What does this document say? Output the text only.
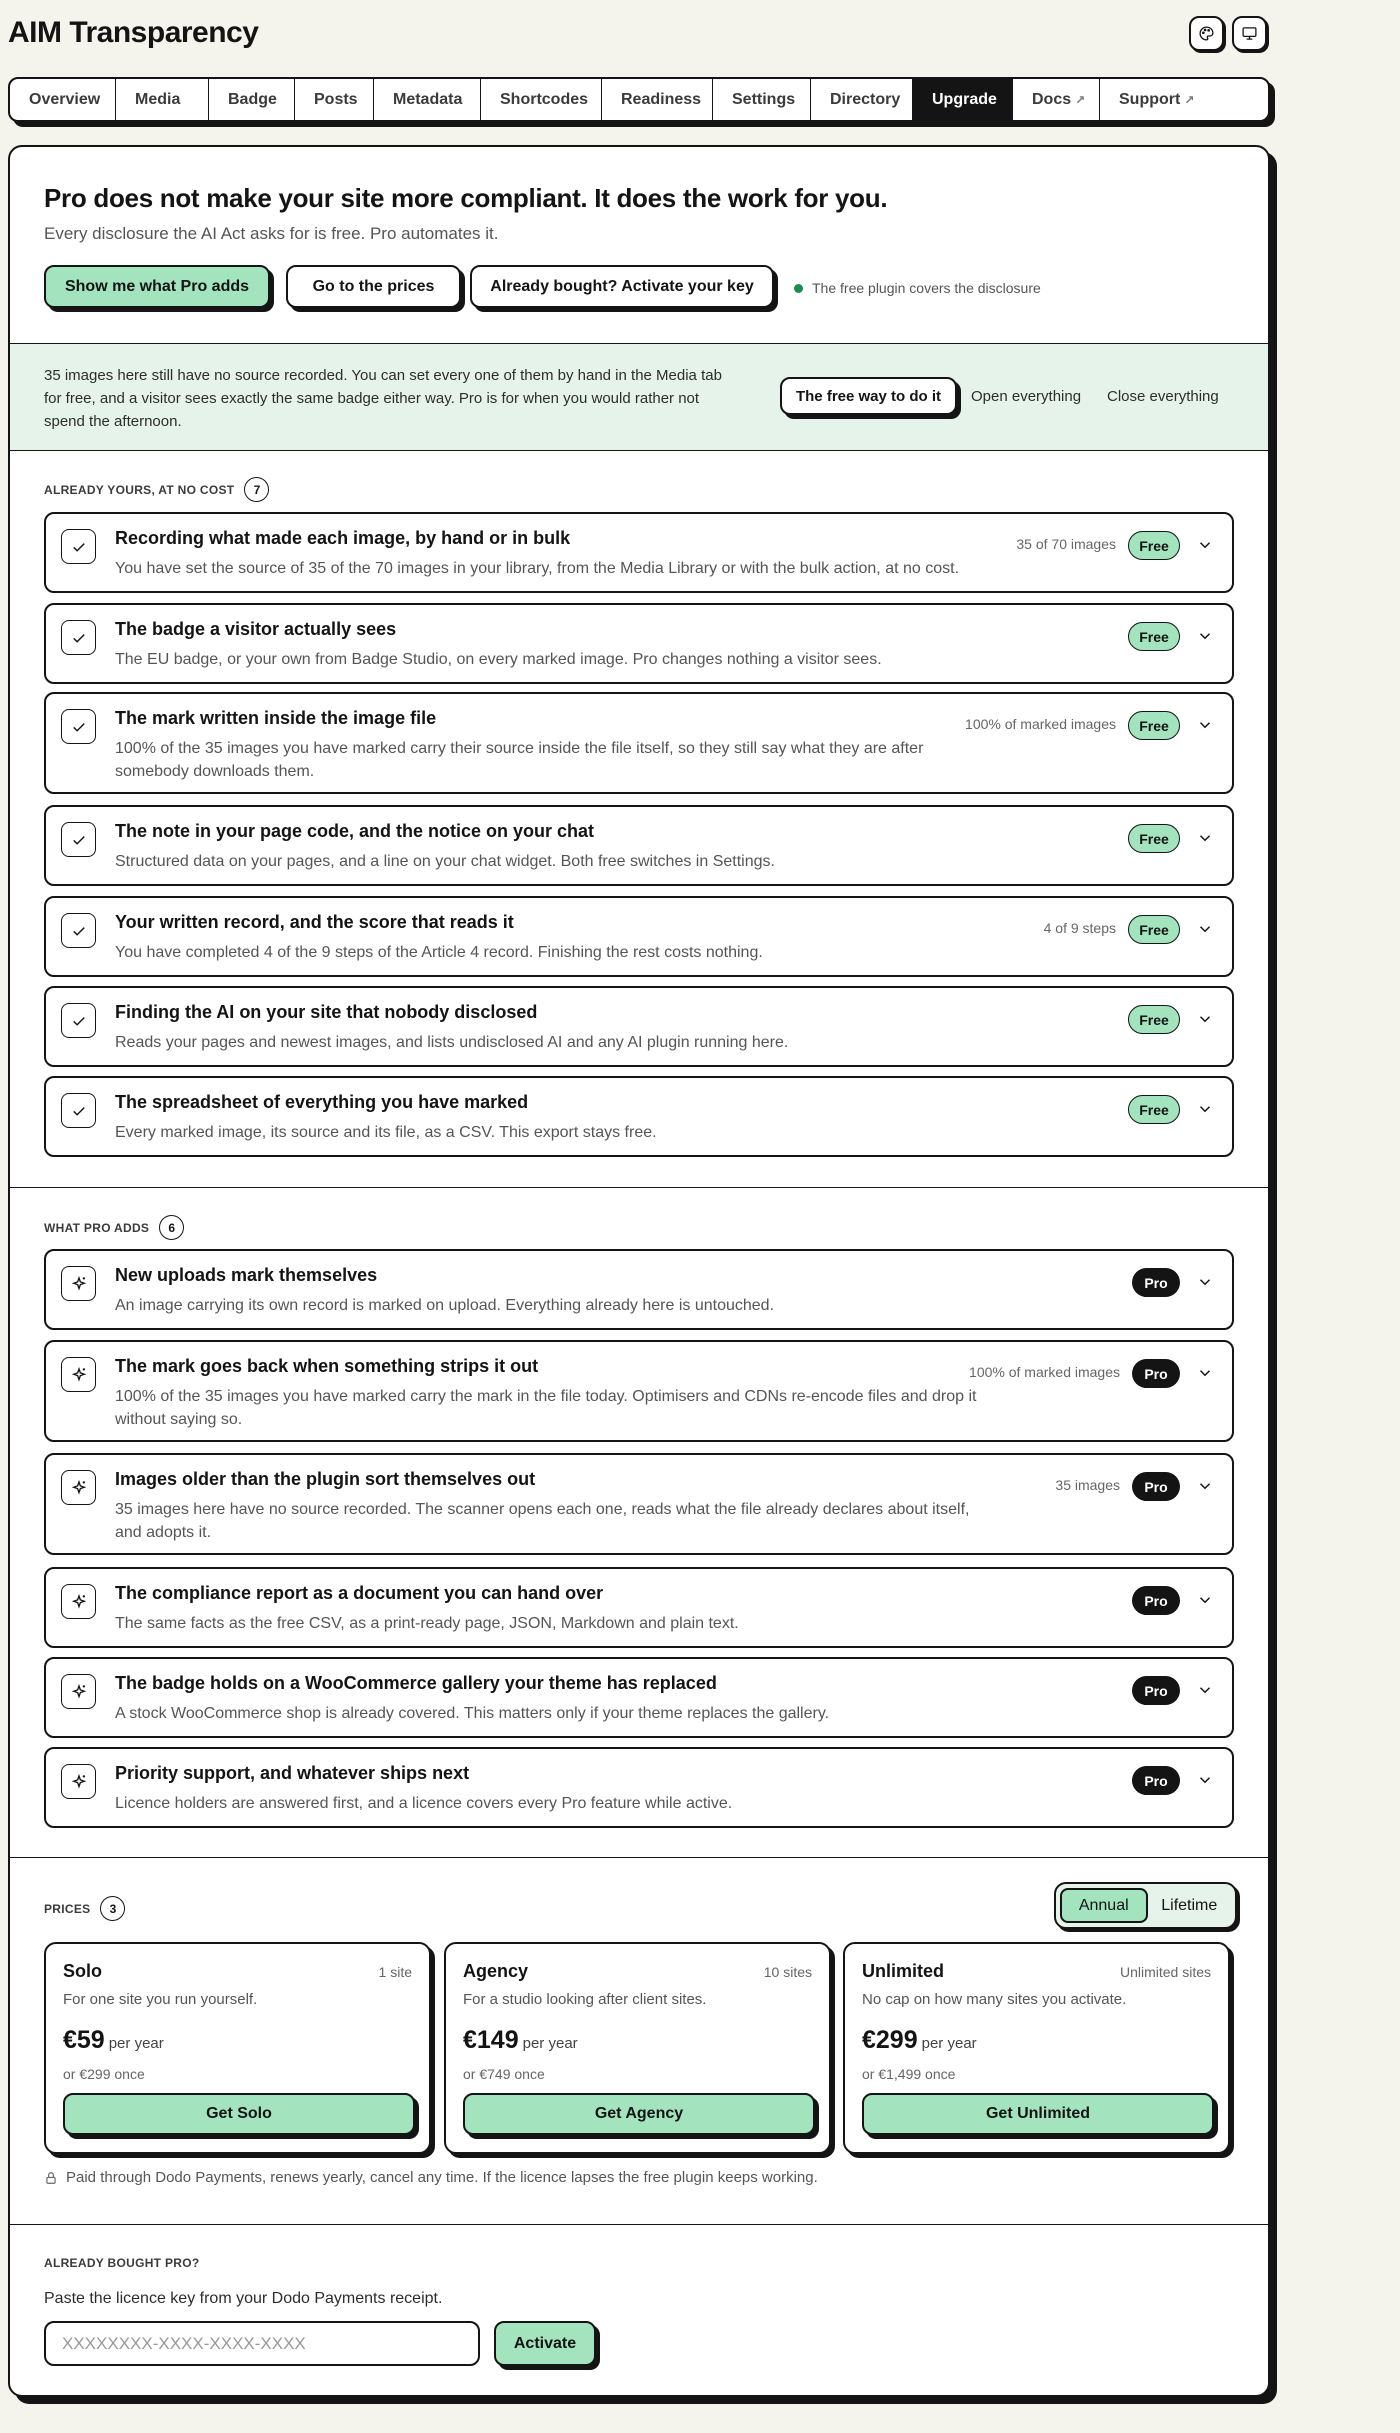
AIM Transparency
Overview Media	Badge Posts Metadata Shortcodes Readiness Settings Directory Upgrade Docs ↗ Support ↗
Pro does not make your site more compliant. It does the work for you.
Every disclosure the AI Act asks for is free. Pro automates it.
Show me what Pro adds	Go to the prices	Already bought? Activate your key	The free plugin covers the disclosure
35 images here still have no source recorded. You can set every one of them by hand in the Media tab for free, and a visitor sees exactly the same badge either way. Pro is for when you would rather not spend the afternoon.
The free way to do it	Open everything Close everything
ALREADY YOURS, AT NO COST	7
Recording what made each image, by hand or in bulk
You have set the source of 35 of the 70 images in your library, from the Media Library or with the bulk action, at no cost.
35 of 70 images	Free
The badge a visitor actually sees
The EU badge, or your own from Badge Studio, on every marked image. Pro changes nothing a visitor sees.
Free
The mark written inside the image file
100% of the 35 images you have marked carry their source inside the file itself, so they still say what they are after somebody downloads them.
100% of marked images	Free
The note in your page code, and the notice on your chat
Structured data on your pages, and a line on your chat widget. Both free switches in Settings.
Free
Your written record, and the score that reads it
You have completed 4 of the 9 steps of the Article 4 record. Finishing the rest costs nothing.
4 of 9 steps	Free
Finding the AI on your site that nobody disclosed
Reads your pages and newest images, and lists undisclosed AI and any AI plugin running here.
Free
The spreadsheet of everything you have marked
Every marked image, its source and its file, as a CSV. This export stays free.
Free
WHAT PRO ADDS	6
New uploads mark themselves
An image carrying its own record is marked on upload. Everything already here is untouched.
Pro
The mark goes back when something strips it out
100% of the 35 images you have marked carry the mark in the file today. Optimisers and CDNs re-encode files and drop it without saying so.
100% of marked images	Pro
Images older than the plugin sort themselves out
35 images here have no source recorded. The scanner opens each one, reads what the file already declares about itself, and adopts it.
35 images	Pro
The compliance report as a document you can hand over
The same facts as the free CSV, as a print-ready page, JSON, Markdown and plain text.
Pro
The badge holds on a WooCommerce gallery your theme has replaced
A stock WooCommerce shop is already covered. This matters only if your theme replaces the gallery.
Pro
Priority support, and whatever ships next
Licence holders are answered first, and a licence covers every Pro feature while active.
Pro
PRICES	3	Annual	Lifetime
Solo	1 site
For one site you run yourself.
€59 per year
or €299 once
Get Solo
Agency	10 sites
For a studio looking after client sites.
€149 per year
or €749 once
Get Agency
Unlimited	Unlimited sites
No cap on how many sites you activate.
€299 per year
or €1,499 once
Get Unlimited
Paid through Dodo Payments, renews yearly, cancel any time. If the licence lapses the free plugin keeps working.
ALREADY BOUGHT PRO?
Paste the licence key from your Dodo Payments receipt.
XXXXXXXX-XXXX-XXXX-XXXX
Activate
